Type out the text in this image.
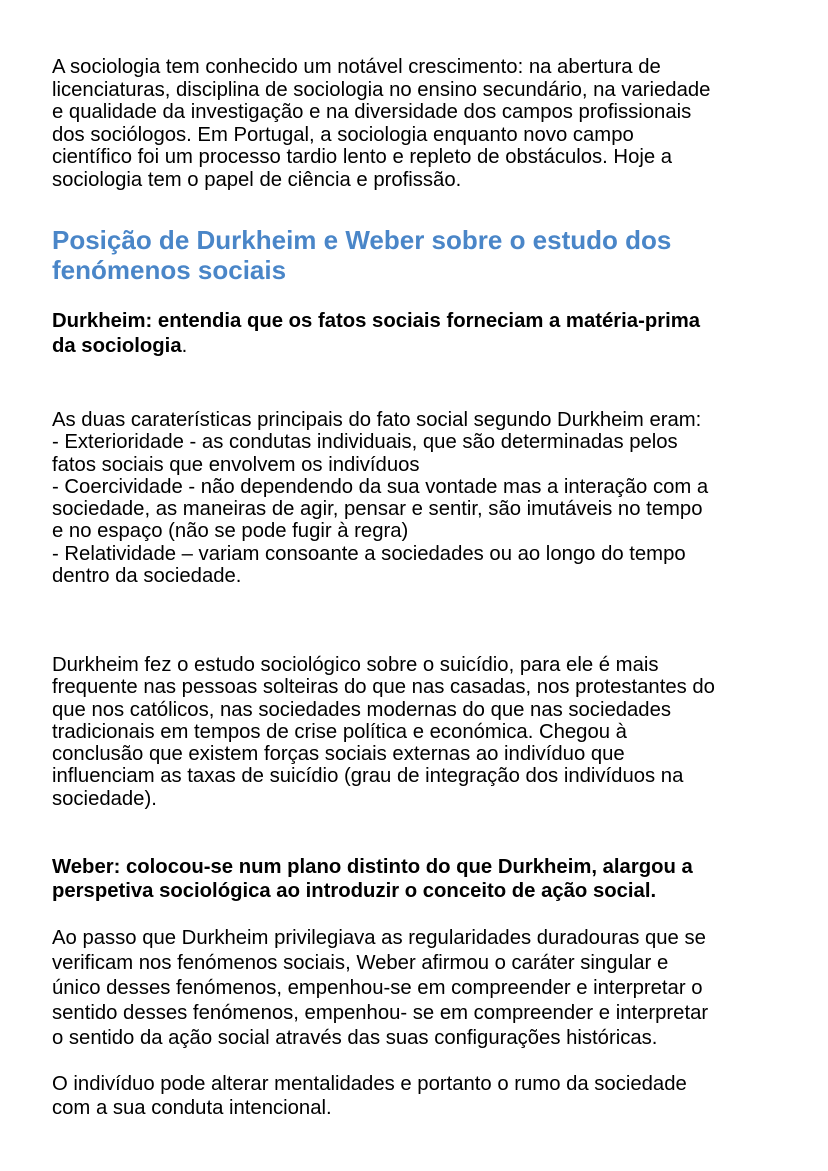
A sociologia tem conhecido um notável crescimento: na abertura de
licenciaturas, disciplina de sociologia no ensino secundário, na variedade
e qualidade da investigação e na diversidade dos campos profissionais
dos sociólogos. Em Portugal, a sociologia enquanto novo campo
científico foi um processo tardio lento e repleto de obstáculos. Hoje a
sociologia tem o papel de ciência e profissão.
Posição de Durkheim e Weber sobre o estudo dos
fenómenos sociais
Durkheim: entendia que os fatos sociais forneciam a matéria-prima
da sociologia.
As duas caraterísticas principais do fato social segundo Durkheim eram:
- Exterioridade - as condutas individuais, que são determinadas pelos
fatos sociais que envolvem os indivíduos
- Coercividade - não dependendo da sua vontade mas a interação com a
sociedade, as maneiras de agir, pensar e sentir, são imutáveis no tempo
e no espaço (não se pode fugir à regra)
- Relatividade – variam consoante a sociedades ou ao longo do tempo
dentro da sociedade.
Durkheim fez o estudo sociológico sobre o suicídio, para ele é mais
frequente nas pessoas solteiras do que nas casadas, nos protestantes do
que nos católicos, nas sociedades modernas do que nas sociedades
tradicionais em tempos de crise política e económica. Chegou à
conclusão que existem forças sociais externas ao indivíduo que
influenciam as taxas de suicídio (grau de integração dos indivíduos na
sociedade).
Weber: colocou-se num plano distinto do que Durkheim, alargou a
perspetiva sociológica ao introduzir o conceito de ação social.
Ao passo que Durkheim privilegiava as regularidades duradouras que se
verificam nos fenómenos sociais, Weber afirmou o caráter singular e
único desses fenómenos, empenhou-se em compreender e interpretar o
sentido desses fenómenos, empenhou- se em compreender e interpretar
o sentido da ação social através das suas configurações históricas.
O indivíduo pode alterar mentalidades e portanto o rumo da sociedade
com a sua conduta intencional.
